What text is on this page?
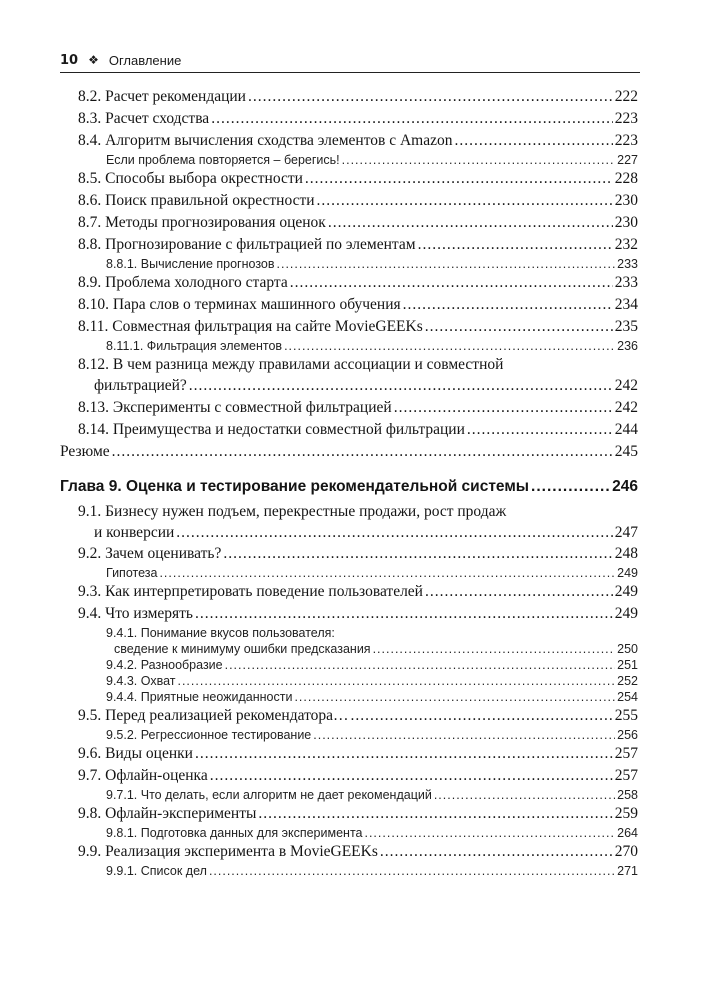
10 ❖ Оглавление
8.2. Расчет рекомендации .....	222
8.3. Расчет сходства .....	223
8.4. Алгоритм вычисления сходства элементов с Amazon .....	223
Если проблема повторяется – берегись! .....	227
8.5. Способы выбора окрестности .....	228
8.6. Поиск правильной окрестности .....	230
8.7. Методы прогнозирования оценок .....	230
8.8. Прогнозирование с фильтрацией по элементам .....	232
8.8.1. Вычисление прогнозов .....	233
8.9. Проблема холодного старта .....	233
8.10. Пара слов о терминах машинного обучения .....	234
8.11. Совместная фильтрация на сайте MovieGEEKs .....	235
8.11.1. Фильтрация элементов .....	236
8.12. В чем разница между правилами ассоциации и совместной
фильтрацией? .....	242
8.13. Эксперименты с совместной фильтрацией .....	242
8.14. Преимущества и недостатки совместной фильтрации .....	244
Резюме .....	245
Глава 9. Оценка и тестирование рекомендательной системы .....	246
9.1. Бизнесу нужен подъем, перекрестные продажи, рост продаж
и конверсии .....	247
9.2. Зачем оценивать? .....	248
Гипотеза .....	249
9.3. Как интерпретировать поведение пользователей .....	249
9.4. Что измерять .....	249
9.4.1. Понимание вкусов пользователя:
сведение к минимуму ошибки предсказания .....	250
9.4.2. Разнообразие .....	251
9.4.3. Охват .....	252
9.4.4. Приятные неожиданности .....	254
9.5. Перед реализацией рекомендатора… .....	255
9.5.2. Регрессионное тестирование .....	256
9.6. Виды оценки .....	257
9.7. Офлайн-оценка .....	257
9.7.1. Что делать, если алгоритм не дает рекомендаций .....	258
9.8. Офлайн-эксперименты .....	259
9.8.1. Подготовка данных для эксперимента .....	264
9.9. Реализация эксперимента в MovieGEEKs .....	270
9.9.1. Список дел .....	271
